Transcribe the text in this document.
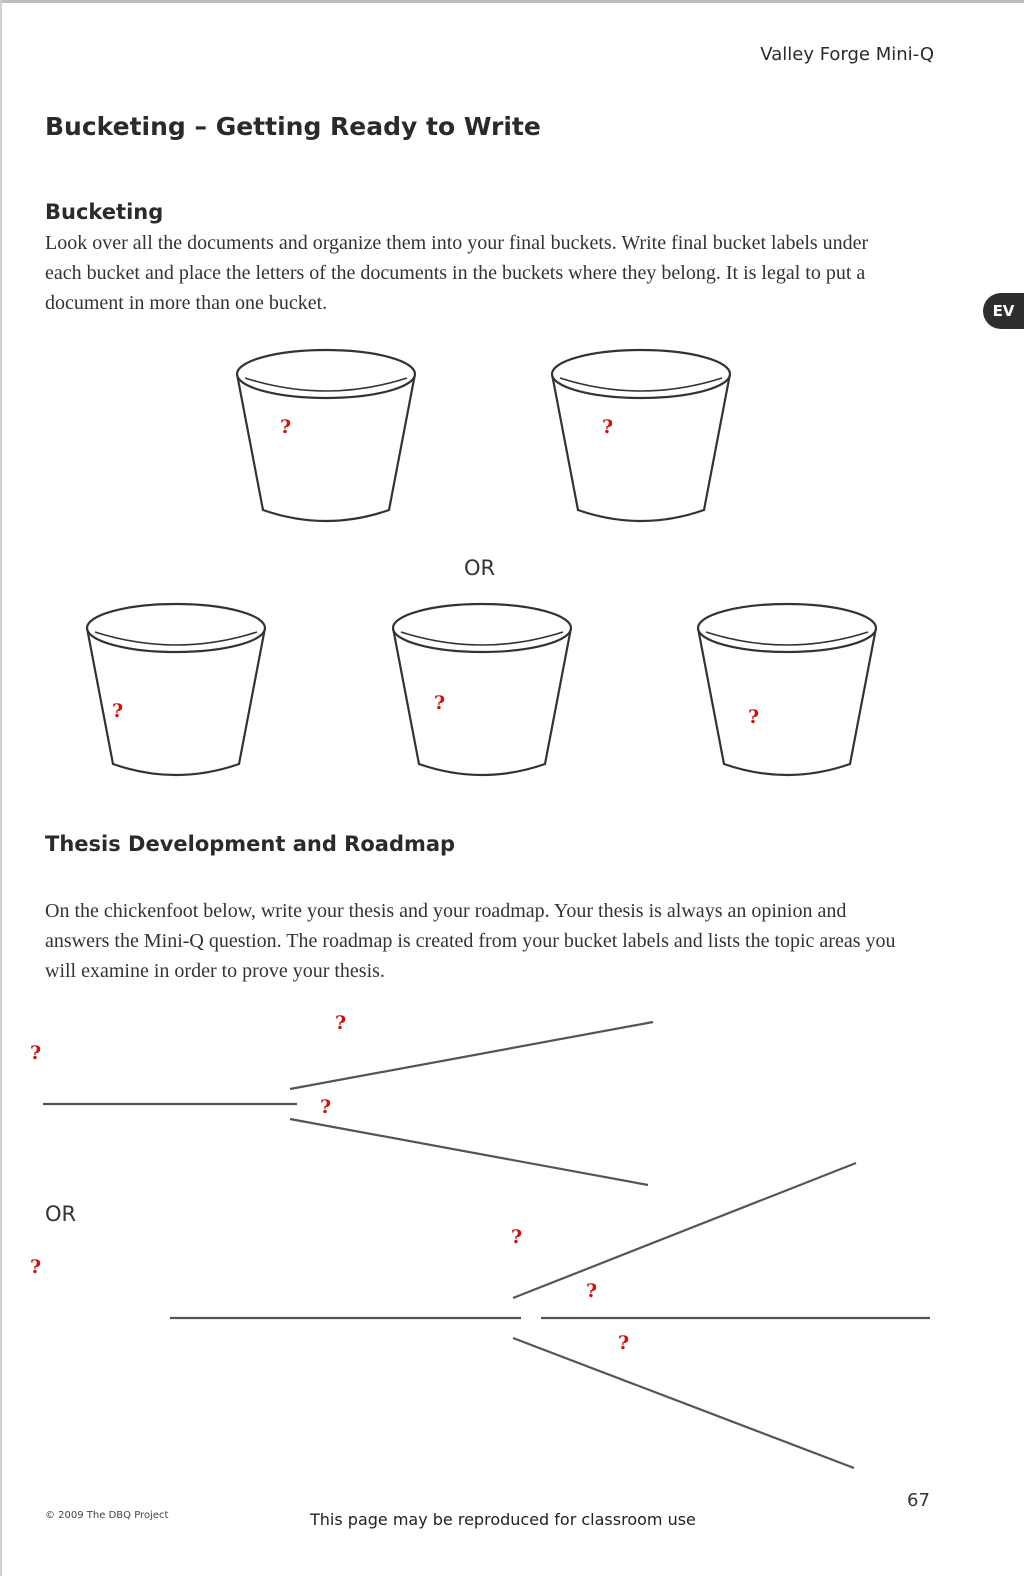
Valley Forge Mini-Q
Bucketing – Getting Ready to Write
EV
Bucketing

Look over all the documents and organize them into your final buckets. Write final bucket labels under each bucket and place the letters of the documents in the buckets where they belong. It is legal to put a document in more than one bucket.

OR
?	?
?	?
?
Thesis Development and Roadmap

On the chickenfoot below, write your thesis and your roadmap. Your thesis is always an opinion and answers the Mini-Q question. The roadmap is created from your bucket labels and lists the topic areas you will examine in order to prove your thesis.

?
?
?
OR
?
?
?
?
67
© 2009 The DBQ Project	This page may be reproduced for classroom use
